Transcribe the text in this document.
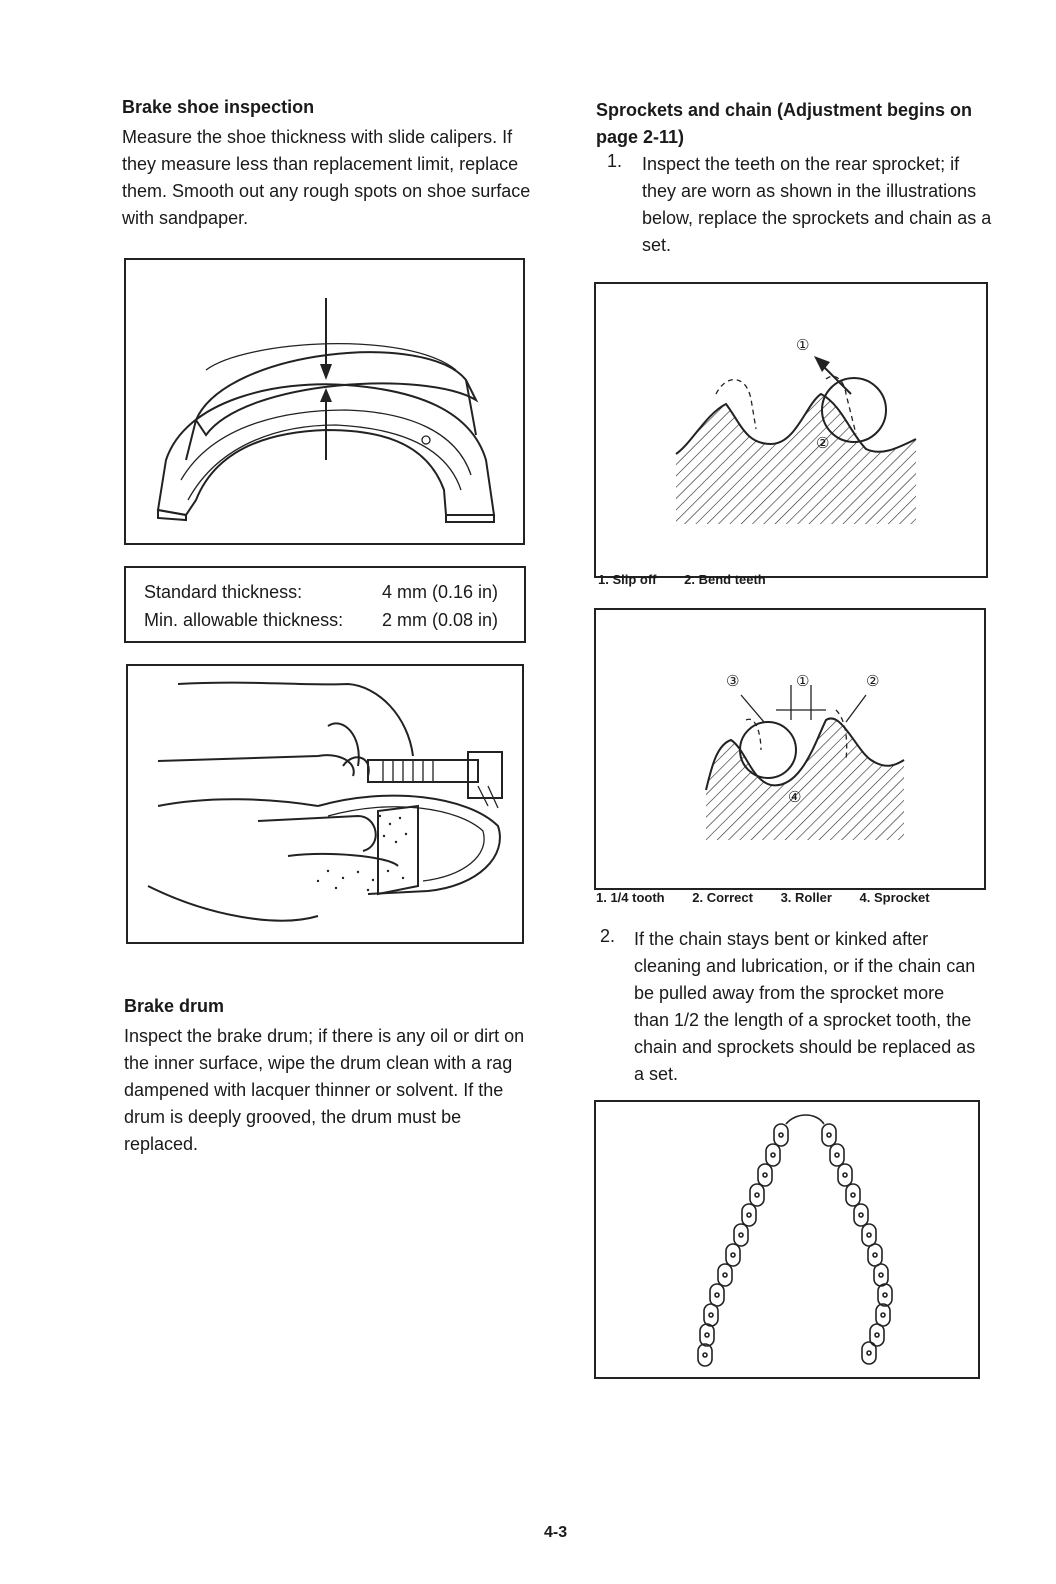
Brake shoe inspection

Measure the shoe thickness with slide calipers. If they measure less than replacement limit, replace them. Smooth out any rough spots on shoe surface with sandpaper.

Standard thickness:	4 mm (0.16 in)
Min. allowable thickness: 2 mm (0.08 in)
Brake drum

Inspect the brake drum; if there is any oil or dirt on the inner surface, wipe the drum clean with a rag dampened with lacquer thinner or solvent. If the drum is deeply grooved, the drum must be replaced.

Sprockets and chain (Adjustment begins on page 2-11)
1. Inspect the teeth on the rear sprocket; if they are worn as shown in the illustrations below, replace the sprockets and chain as a set.

①
②
1. Slip off 2. Bend teeth
③	①	②
④
1. 1/4 tooth 2. Correct 3. Roller 4. Sprocket
2. If the chain stays bent or kinked after cleaning and lubrication, or if the chain can be pulled away from the sprocket more than 1/2 the length of a sprocket tooth, the chain and sprockets should be replaced as a set.

4-3
